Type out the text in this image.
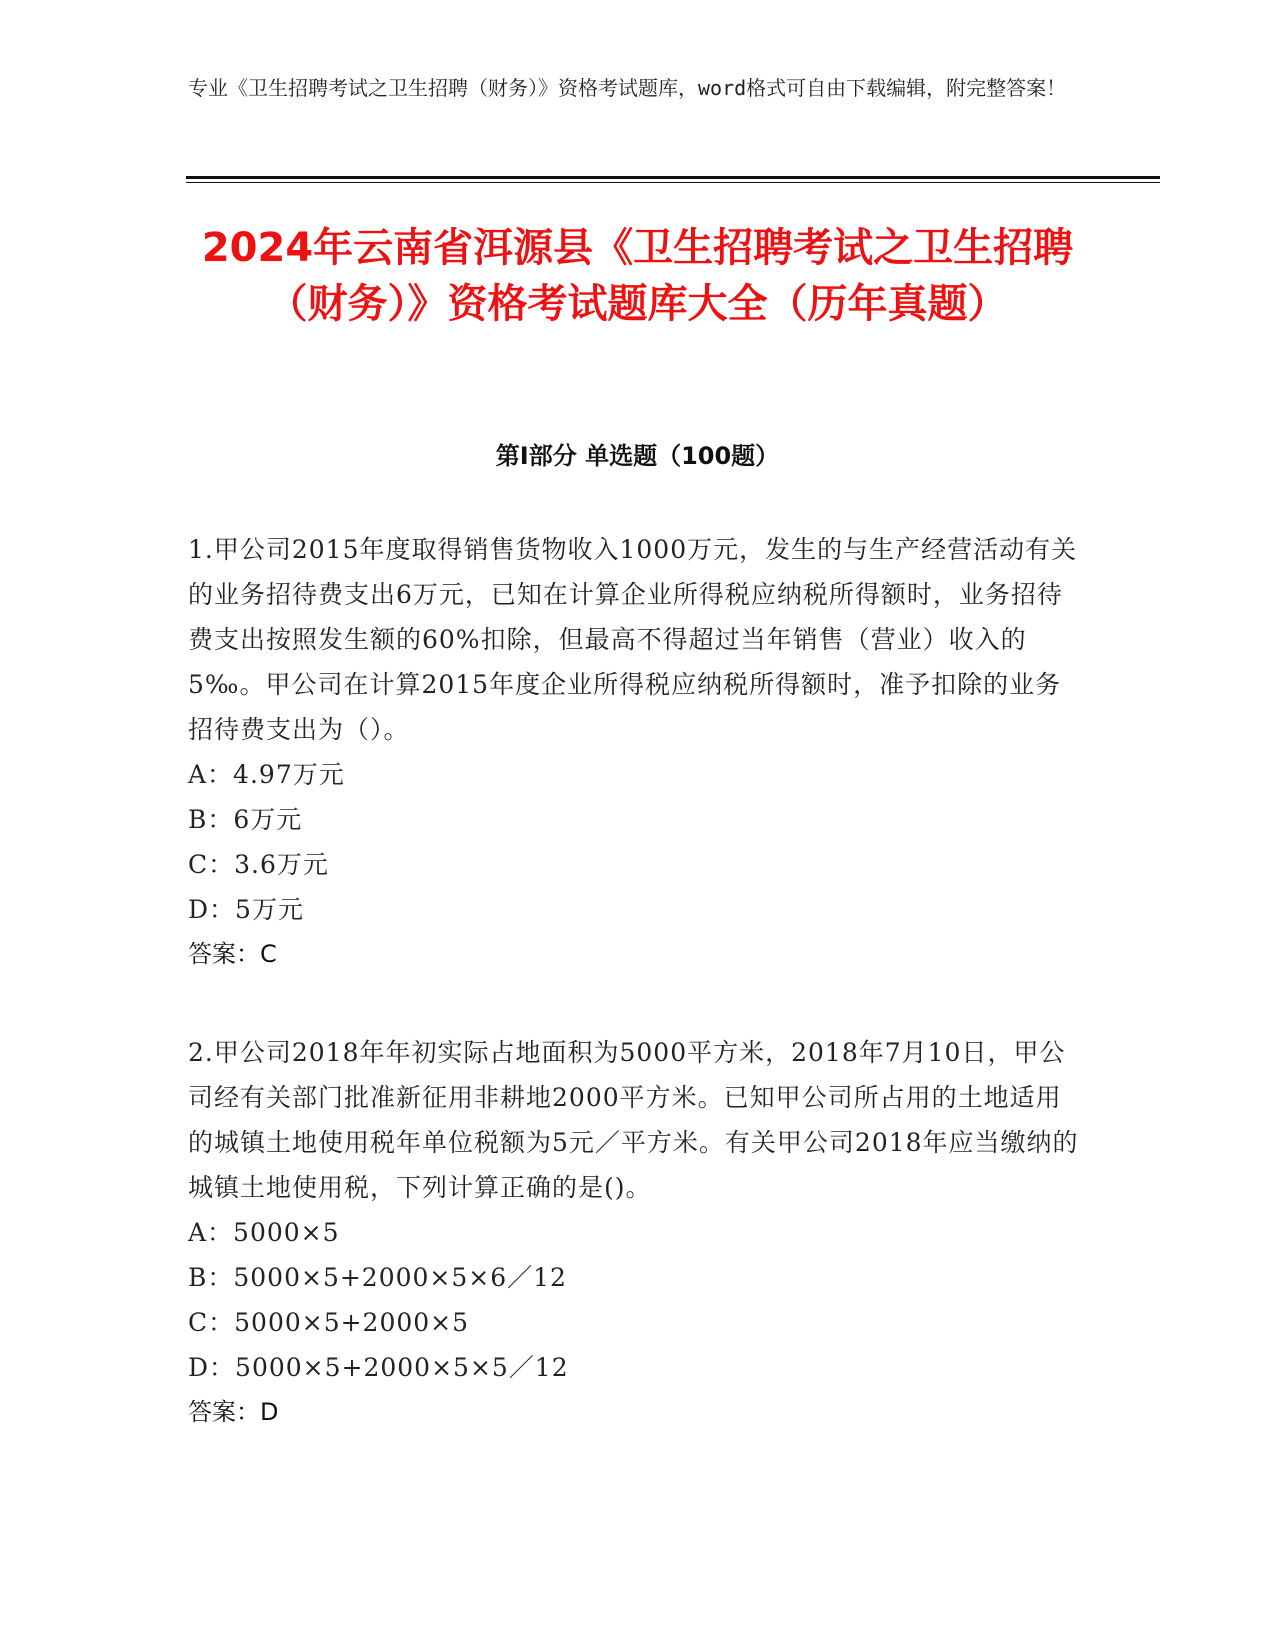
专业《卫生招聘考试之卫生招聘（财务）》资格考试题库，word格式可自由下载编辑，附完整答案！
2024年云南省洱源县《卫生招聘考试之卫生招聘（财务）》资格考试题库大全（历年真题）
第Ⅰ部分 单选题（100题）
1.甲公司2015年度取得销售货物收入1000万元，发生的与生产经营活动有关的业务招待费支出6万元，已知在计算企业所得税应纳税所得额时，业务招待费支出按照发生额的60%扣除，但最高不得超过当年销售（营业）收入的5‰。甲公司在计算2015年度企业所得税应纳税所得额时，准予扣除的业务招待费支出为（）。
A：4.97万元
B：6万元
C：3.6万元
D：5万元
答案：C
2.甲公司2018年年初实际占地面积为5000平方米，2018年7月10日，甲公司经有关部门批准新征用非耕地2000平方米。已知甲公司所占用的土地适用的城镇土地使用税年单位税额为5元／平方米。有关甲公司2018年应当缴纳的城镇土地使用税，下列计算正确的是()。
A：5000×5
B：5000×5+2000×5×6／12
C：5000×5+2000×5
D：5000×5+2000×5×5／12
答案：D
